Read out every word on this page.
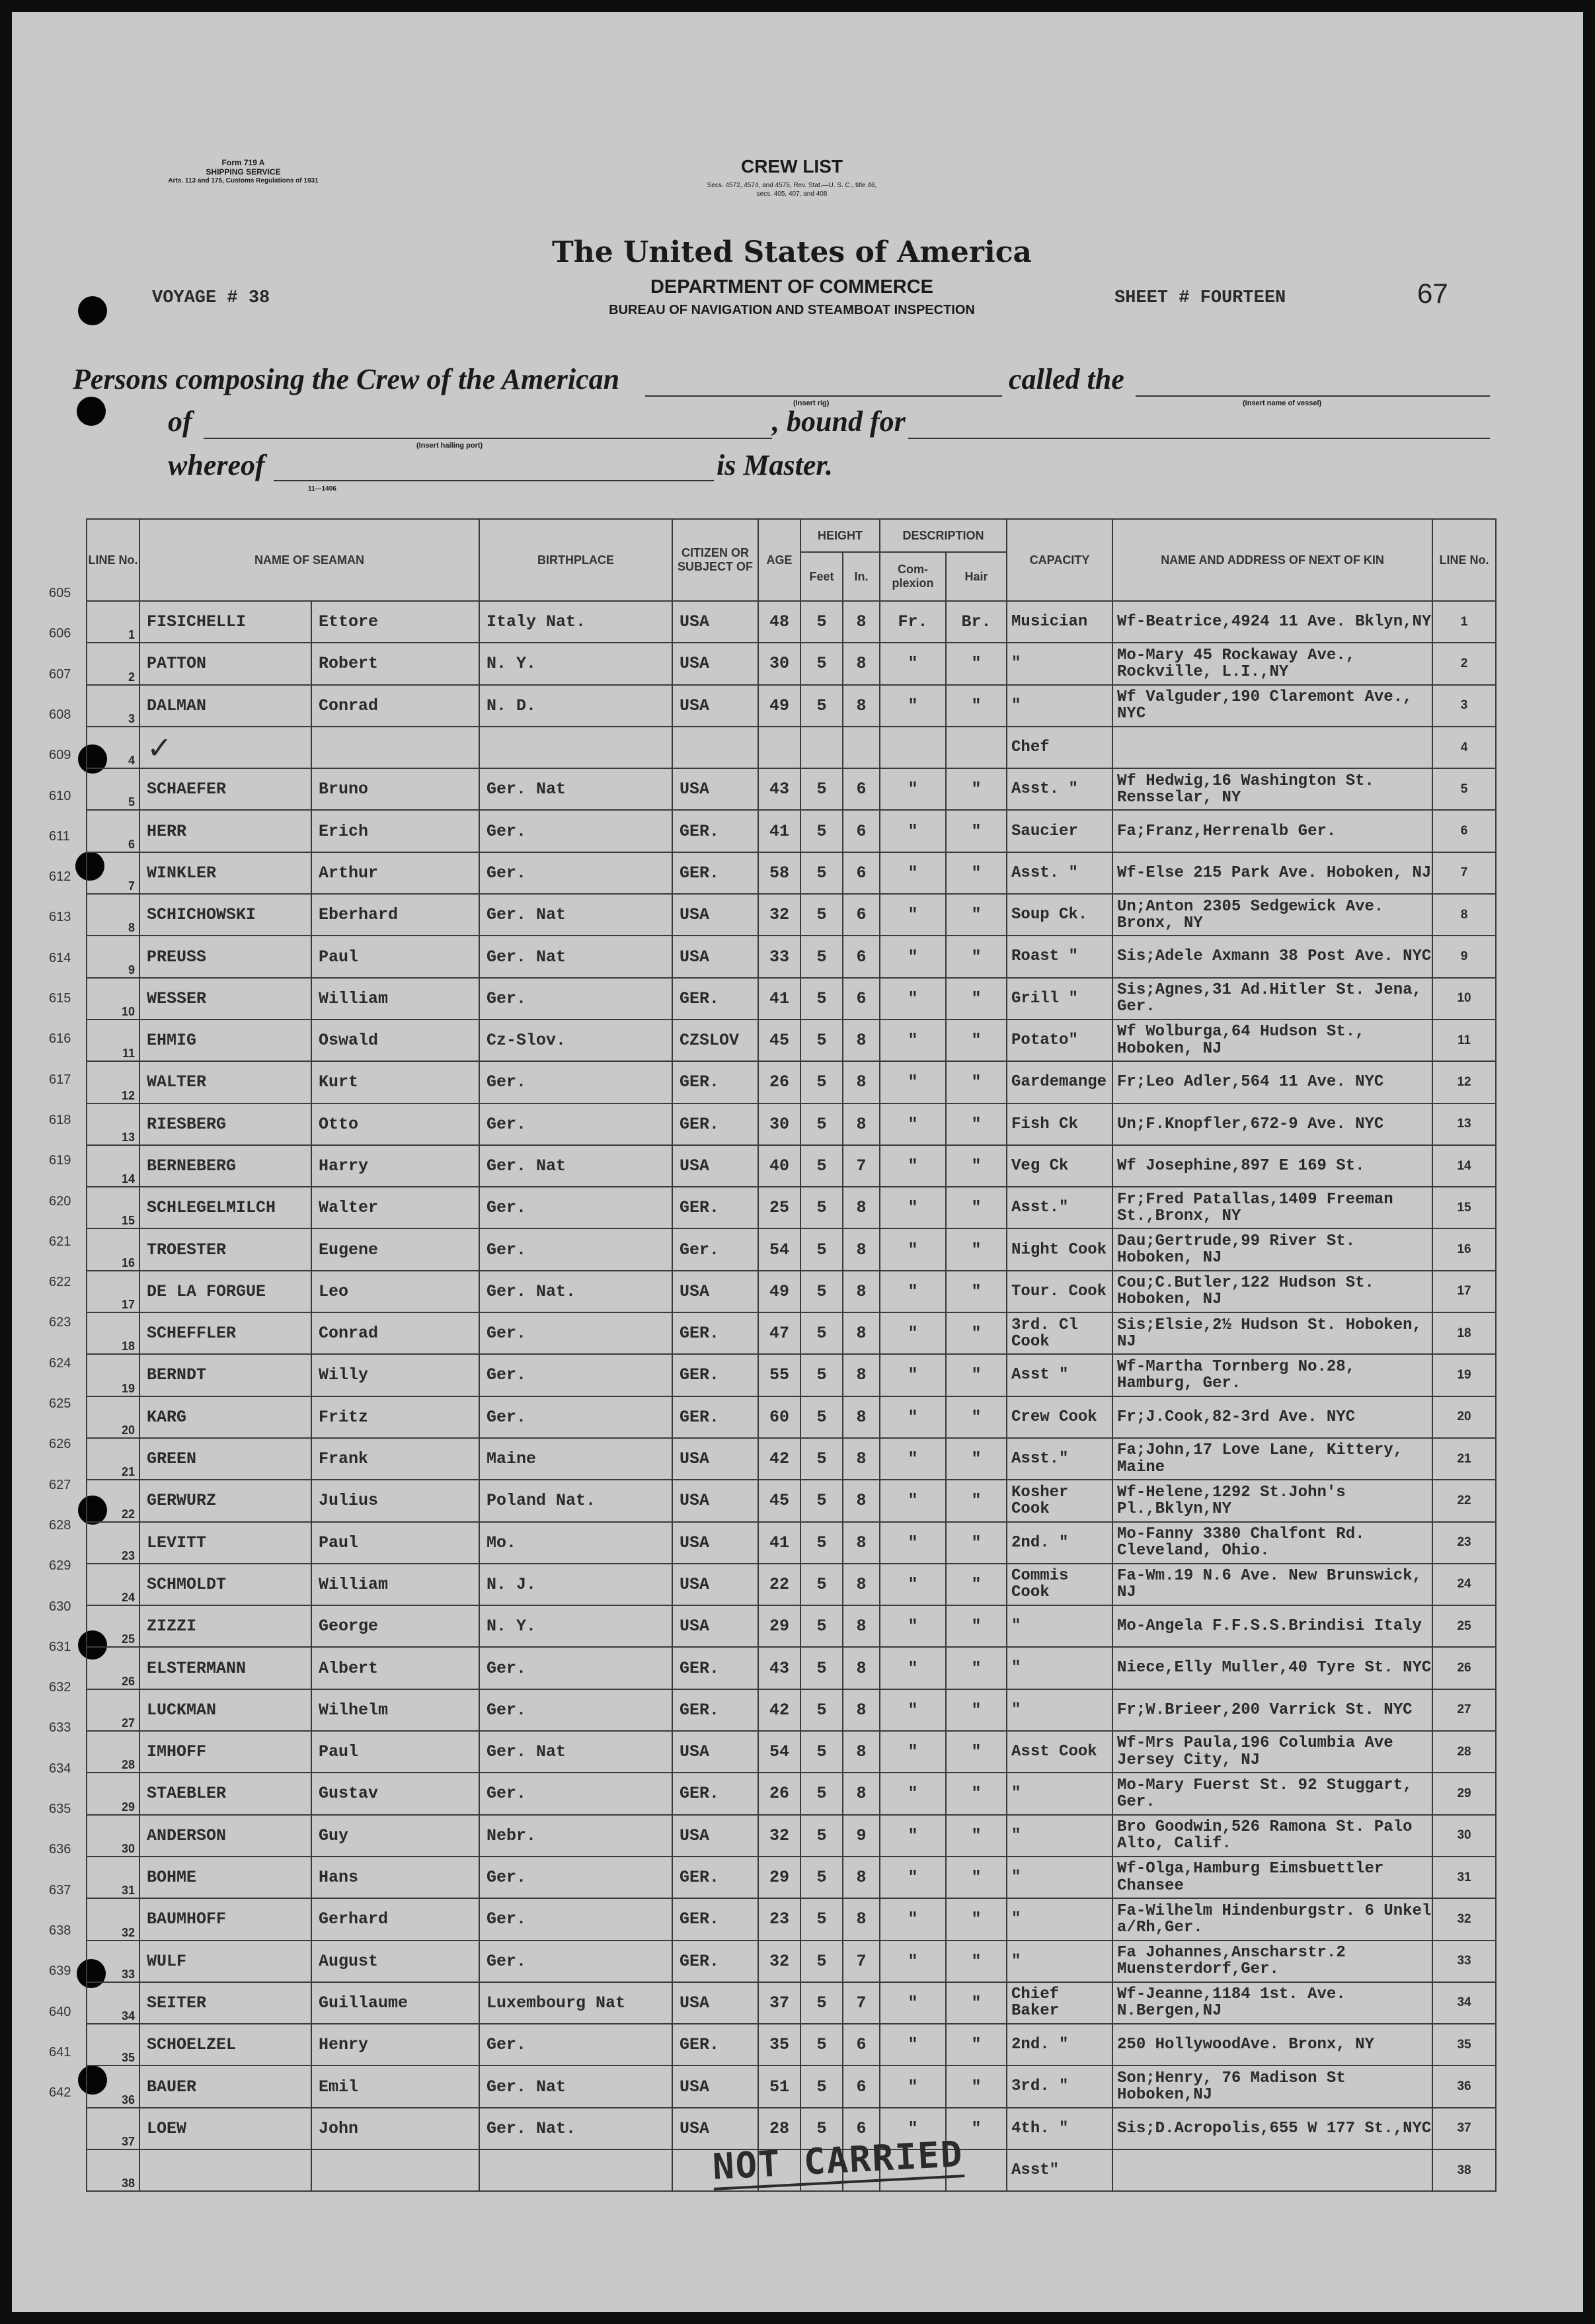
Form 719 A
SHIPPING SERVICE
Arts. 113 and 175, Customs Regulations of 1931
CREW LIST
Secs. 4572, 4574, and 4575, Rev. Stat.—U. S. C., title 46,
secs. 405, 407, and 408
The United States of America
DEPARTMENT OF COMMERCE
BUREAU OF NAVIGATION AND STEAMBOAT INSPECTION
VOYAGE # 38	SHEET # FOURTEEN	67
Persons composing the Crew of the American
(Insert rig)
called the
(Insert name of vessel)
of
(Insert hailing port)
, bound for
whereof
11—1406
is Master.
605
606
607
608
609
610
611
612
613
614
615
616
617
618
619
620
621
622
623
624
625
626
627
628
629
630
631
632
633
634
635
636
637
638
639
640
641
642
LINE No.	NAME OF SEAMAN		BIRTHPLACE	CITIZEN OR SUBJECT OF	AGE	HEIGHT		DESCRIPTION		CAPACITY	NAME AND ADDRESS OF NEXT OF KIN	LINE No.
						Feet	In.	Com-plexion	Hair			
1	FISICHELLI	Ettore	Italy Nat.	USA	48	5	8	Fr.	Br.	Musician	Wf-Beatrice,4924 11 Ave. Bklyn,NY	1
2	PATTON	Robert	N. Y.	USA	30	5	8	"	"	"	Mo-Mary 45 Rockaway Ave., Rockville, L.I.,NY	2
3	DALMAN	Conrad	N. D.	USA	49	5	8	"	"	"	Wf Valguder,190 Claremont Ave., NYC	3
4	✓									Chef		4
5	SCHAEFER	Bruno	Ger. Nat	USA	43	5	6	"	"	Asst. "	Wf Hedwig,16 Washington St. Rensselar, NY	5
6	HERR	Erich	Ger.	GER.	41	5	6	"	"	Saucier	Fa;Franz,Herrenalb Ger.	6
7	WINKLER	Arthur	Ger.	GER.	58	5	6	"	"	Asst. "	Wf-Else 215 Park Ave. Hoboken, NJ	7
8	SCHICHOWSKI	Eberhard	Ger. Nat	USA	32	5	6	"	"	Soup Ck.	Un;Anton 2305 Sedgewick Ave. Bronx, NY	8
9	PREUSS	Paul	Ger. Nat	USA	33	5	6	"	"	Roast "	Sis;Adele Axmann 38 Post Ave. NYC	9
10	WESSER	William	Ger.	GER.	41	5	6	"	"	Grill "	Sis;Agnes,31 Ad.Hitler St. Jena, Ger.	10
11	EHMIG	Oswald	Cz-Slov.	CZSLOV	45	5	8	"	"	Potato"	Wf Wolburga,64 Hudson St., Hoboken, NJ	11
12	WALTER	Kurt	Ger.	GER.	26	5	8	"	"	Gardemange	Fr;Leo Adler,564 11 Ave. NYC	12
13	RIESBERG	Otto	Ger.	GER.	30	5	8	"	"	Fish Ck	Un;F.Knopfler,672-9 Ave. NYC	13
14	BERNEBERG	Harry	Ger. Nat	USA	40	5	7	"	"	Veg Ck	Wf Josephine,897 E 169 St.	14
15	SCHLEGELMILCH	Walter	Ger.	GER.	25	5	8	"	"	Asst."	Fr;Fred Patallas,1409 Freeman St.,Bronx, NY	15
16	TROESTER	Eugene	Ger.	Ger.	54	5	8	"	"	Night Cook	Dau;Gertrude,99 River St. Hoboken, NJ	16
17	DE LA FORGUE	Leo	Ger. Nat.	USA	49	5	8	"	"	Tour. Cook	Cou;C.Butler,122 Hudson St. Hoboken, NJ	17
18	SCHEFFLER	Conrad	Ger.	GER.	47	5	8	"	"	3rd. Cl Cook	Sis;Elsie,2½ Hudson St. Hoboken, NJ	18
19	BERNDT	Willy	Ger.	GER.	55	5	8	"	"	Asst "	Wf-Martha Tornberg No.28, Hamburg, Ger.	19
20	KARG	Fritz	Ger.	GER.	60	5	8	"	"	Crew Cook	Fr;J.Cook,82-3rd Ave. NYC	20
21	GREEN	Frank	Maine	USA	42	5	8	"	"	Asst."	Fa;John,17 Love Lane, Kittery, Maine	21
22	GERWURZ	Julius	Poland Nat.	USA	45	5	8	"	"	Kosher Cook	Wf-Helene,1292 St.John's Pl.,Bklyn,NY	22
23	LEVITT	Paul	Mo.	USA	41	5	8	"	"	2nd. "	Mo-Fanny 3380 Chalfont Rd. Cleveland, Ohio.	23
24	SCHMOLDT	William	N. J.	USA	22	5	8	"	"	Commis Cook	Fa-Wm.19 N.6 Ave. New Brunswick, NJ	24
25	ZIZZI	George	N. Y.	USA	29	5	8	"	"	"	Mo-Angela F.F.S.S.Brindisi Italy	25
26	ELSTERMANN	Albert	Ger.	GER.	43	5	8	"	"	"	Niece,Elly Muller,40 Tyre St. NYC	26
27	LUCKMAN	Wilhelm	Ger.	GER.	42	5	8	"	"	"	Fr;W.Brieer,200 Varrick St. NYC	27
28	IMHOFF	Paul	Ger. Nat	USA	54	5	8	"	"	Asst Cook	Wf-Mrs Paula,196 Columbia Ave Jersey City, NJ	28
29	STAEBLER	Gustav	Ger.	GER.	26	5	8	"	"	"	Mo-Mary Fuerst St. 92 Stuggart, Ger.	29
30	ANDERSON	Guy	Nebr.	USA	32	5	9	"	"	"	Bro Goodwin,526 Ramona St. Palo Alto, Calif.	30
31	BOHME	Hans	Ger.	GER.	29	5	8	"	"	"	Wf-Olga,Hamburg Eimsbuettler Chansee	31
32	BAUMHOFF	Gerhard	Ger.	GER.	23	5	8	"	"	"	Fa-Wilhelm Hindenburgstr. 6 Unkel a/Rh,Ger.	32
33	WULF	August	Ger.	GER.	32	5	7	"	"	"	Fa Johannes,Anscharstr.2 Muensterdorf,Ger.	33
34	SEITER	Guillaume	Luxembourg Nat	USA	37	5	7	"	"	Chief Baker	Wf-Jeanne,1184 1st. Ave. N.Bergen,NJ	34
35	SCHOELZEL	Henry	Ger.	GER.	35	5	6	"	"	2nd. "	250 HollywoodAve. Bronx, NY	35
36	BAUER	Emil	Ger. Nat	USA	51	5	6	"	"	3rd. "	Son;Henry, 76 Madison St Hoboken,NJ	36
37	LOEW	John	Ger. Nat.	USA	28	5	6	"	"	4th. "	Sis;D.Acropolis,655 W 177 St.,NYC	37
38										Asst"		38
NOT CARRIED
